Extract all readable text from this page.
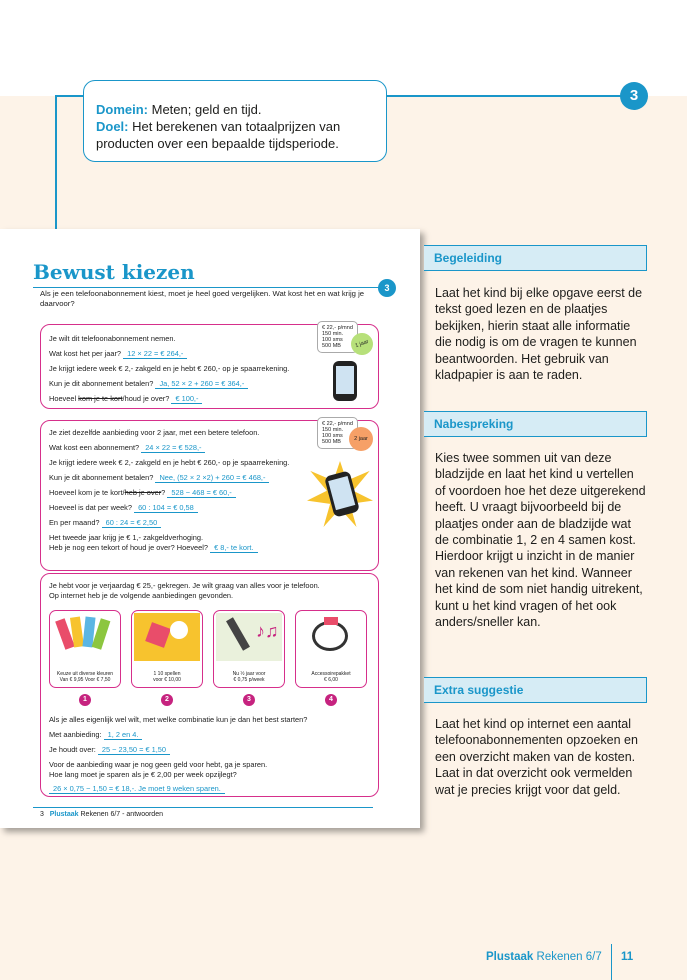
3
Domein: Meten; geld en tijd.
Doel: Het berekenen van totaalprijzen van producten over een bepaalde tijdsperiode.
Bewust kiezen
3
Als je een telefoonabonnement kiest, moet je heel goed vergelijken. Wat kost het en wat krijg je daarvoor?
Je wilt dit telefoonabonnement nemen.
Wat kost het per jaar? 12 × 22 = € 264,-
Je krijgt iedere week € 2,- zakgeld en je hebt € 260,- op je spaarrekening.
Kun je dit abonnement betalen? Ja, 52 × 2 + 260 = € 364,-
Hoeveel kom je te kort/houd je over? € 100,-
€ 22,- p/mnd
150 min.
100 sms
500 MB	1 jaar
Je ziet dezelfde aanbieding voor 2 jaar, met een betere telefoon.
Wat kost een abonnement? 24 × 22 = € 528,-
Je krijgt iedere week € 2,- zakgeld en je hebt € 260,- op je spaarrekening.
Kun je dit abonnement betalen? Nee, (52 × 2 ×2) + 260 = € 468,-
Hoeveel kom je te kort/heb je over? 528 − 468 = € 60,-
Hoeveel is dat per week? 60 : 104 = € 0,58
En per maand? 60 : 24 = € 2,50
Het tweede jaar krijg je € 1,- zakgeldverhoging.
Heb je nog een tekort of houd je over? Hoeveel? € 8,- te kort.
€ 22,- p/mnd
150 min.
100 sms
500 MB	2 jaar
Je hebt voor je verjaardag € 25,- gekregen. Je wilt graag van alles voor je telefoon.
Op internet heb je de volgende aanbiedingen gevonden.
Keuze uit diverse kleuren
Van € 9,95 Voor € 7,50
1 10 spellen
voor € 10,00
♪♫
Nu ½ jaar voor
€ 0,75 p/week
Accessoirepakket
€ 6,00
1	2	3	4
Als je alles eigenlijk wel wilt, met welke combinatie kun je dan het best starten?
Met aanbieding: 1, 2 en 4.
Je houdt over: 25 − 23,50 = € 1,50
Voor de aanbieding waar je nog geen geld voor hebt, ga je sparen.
Hoe lang moet je sparen als je € 2,00 per week opzijlegt?
26 × 0,75 − 1,50 = € 18,-. Je moet 9 weken sparen.
3 Plustaak Rekenen 6/7 - antwoorden
Begeleiding
Laat het kind bij elke opgave eerst de tekst goed lezen en de plaatjes bekijken, hierin staat alle informatie die nodig is om de vragen te kunnen beantwoorden. Het gebruik van kladpapier is aan te raden.
Nabespreking
Kies twee sommen uit van deze bladzijde en laat het kind u vertellen of voordoen hoe het deze uitgerekend heeft. U vraagt bijvoorbeeld bij de plaatjes onder aan de bladzijde wat de combinatie 1, 2 en 4 samen kost. Hierdoor krijgt u inzicht in de manier van rekenen van het kind. Wanneer het kind de som niet handig uitrekent, kunt u het kind vragen of het ook anders/sneller kan.
Extra suggestie
Laat het kind op internet een aantal telefoonabonnementen opzoeken en een overzicht maken van de kosten. Laat in dat overzicht ook vermelden wat je precies krijgt voor dat geld.
Plustaak Rekenen 6/7 11
